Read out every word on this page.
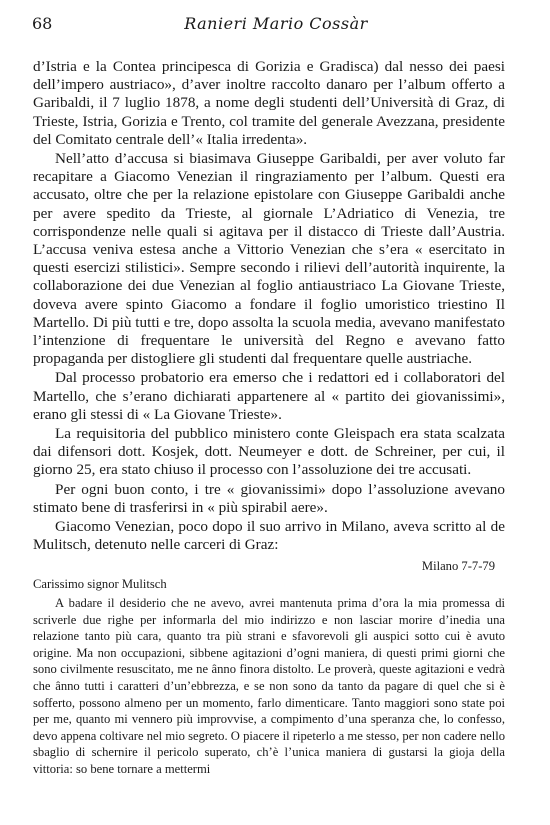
68	Ranieri Mario Cossàr

d’Istria e la Contea principesca di Gorizia e Gradisca) dal nesso dei paesi dell’impero austriaco», d’aver inoltre raccolto danaro per l’album offerto a Garibaldi, il 7 luglio 1878, a nome degli studenti dell’Università di Graz, di Trieste, Istria, Gorizia e Trento, col tramite del generale Avezzana, presidente del Comitato centrale dell’« Italia irredenta».

Nell’atto d’accusa si biasimava Giuseppe Garibaldi, per aver voluto far recapitare a Giacomo Venezian il ringraziamento per l’album. Questi era accusato, oltre che per la relazione epistolare con Giuseppe Garibaldi anche per avere spedito da Trieste, al giornale L’Adriatico di Venezia, tre corrispondenze nelle quali si agitava per il distacco di Trieste dall’Austria. L’accusa veniva estesa anche a Vittorio Venezian che s’era « esercitato in questi esercizi stilistici». Sempre secondo i rilievi dell’autorità inquirente, la collaborazione dei due Venezian al foglio antiaustriaco La Giovane Trieste, doveva avere spinto Giacomo a fondare il foglio umoristico triestino Il Martello. Di più tutti e tre, dopo assolta la scuola media, avevano manifestato l’intenzione di frequentare le università del Regno e avevano fatto propaganda per distogliere gli studenti dal frequentare quelle austriache.

Dal processo probatorio era emerso che i redattori ed i collaboratori del Martello, che s’erano dichiarati appartenere al « partito dei giovanissimi», erano gli stessi di « La Giovane Trieste».

La requisitoria del pubblico ministero conte Gleispach era stata scalzata dai difensori dott. Kosjek, dott. Neumeyer e dott. de Schreiner, per cui, il giorno 25, era stato chiuso il processo con l’assoluzione dei tre accusati.

Per ogni buon conto, i tre « giovanissimi» dopo l’assoluzione avevano stimato bene di trasferirsi in « più spirabil aere».

Giacomo Venezian, poco dopo il suo arrivo in Milano, aveva scritto al de Mulitsch, detenuto nelle carceri di Graz:

Milano 7-7-79

Carissimo signor Mulitsch

A badare il desiderio che ne avevo, avrei mantenuta prima d’ora la mia promessa di scriverle due righe per informarla del mio indirizzo e non lasciar morire d’inedia una relazione tanto più cara, quanto tra più strani e sfavorevoli gli auspici sotto cui è avuto origine. Ma non occupazioni, sibbene agitazioni d’ogni maniera, di questi primi giorni che sono civilmente resuscitato, me ne ânno finora distolto. Le proverà, queste agitazioni e vedrà che ânno tutti i caratteri d’un’ebbrezza, e se non sono da tanto da pagare di quel che si è sofferto, possono almeno per un momento, farlo dimenticare. Tanto maggiori sono state poi per me, quanto mi vennero più improvvise, a compimento d’una speranza che, lo confesso, devo appena coltivare nel mio segreto. O piacere il ripeterlo a me stesso, per non cadere nello sbaglio di schernire il pericolo superato, ch’è l’unica maniera di gustarsi la gioja della vittoria: so bene tornare a mettermi
